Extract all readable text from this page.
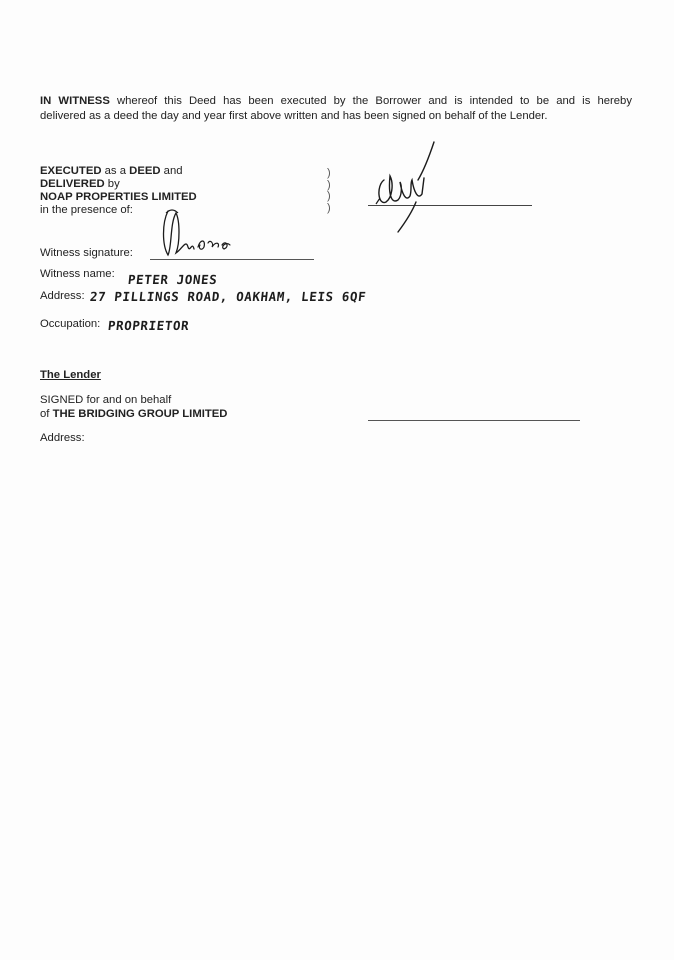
IN WITNESS whereof this Deed has been executed by the Borrower and is intended to be and is hereby
delivered as a deed the day and year first above written and has been signed on behalf of the Lender.
EXECUTED as a DEED and
DELIVERED by
NOAP PROPERTIES LIMITED
in the presence of:
)
)
)
)
Witness signature:
Witness name: PETER JONES
Address: 27 PILLINGS ROAD, OAKHAM, LEIS 6QF
Occupation: PROPRIETOR
The Lender
SIGNED for and on behalf
of THE BRIDGING GROUP LIMITED
Address:
